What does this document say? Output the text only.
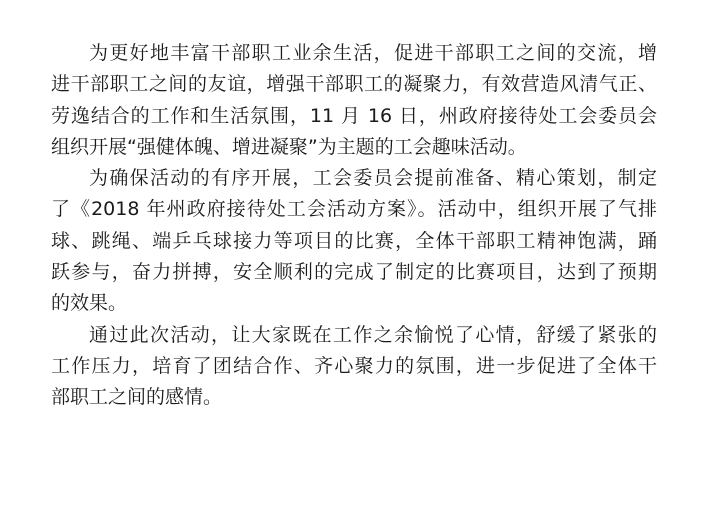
为更好地丰富干部职工业余生活，促进干部职工之间的交流，增
进干部职工之间的友谊，增强干部职工的凝聚力，有效营造风清气正、
劳逸结合的工作和生活氛围，11 月 16 日，州政府接待处工会委员会
组织开展“强健体魄、增进凝聚”为主题的工会趣味活动。
为确保活动的有序开展，工会委员会提前准备、精心策划，制定
了《2018 年州政府接待处工会活动方案》。活动中，组织开展了气排
球、跳绳、端乒乓球接力等项目的比赛，全体干部职工精神饱满，踊
跃参与，奋力拼搏，安全顺利的完成了制定的比赛项目，达到了预期
的效果。
通过此次活动，让大家既在工作之余愉悦了心情，舒缓了紧张的
工作压力，培育了团结合作、齐心聚力的氛围，进一步促进了全体干
部职工之间的感情。
